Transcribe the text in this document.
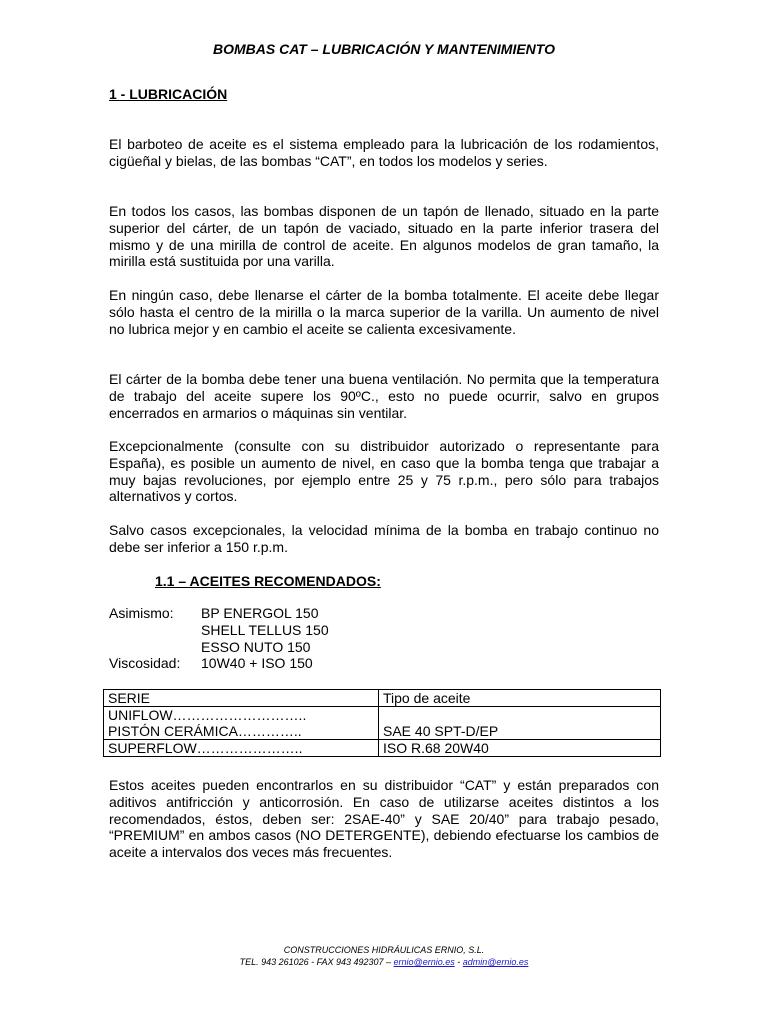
BOMBAS CAT – LUBRICACIÓN Y MANTENIMIENTO
1 - LUBRICACIÓN

El barboteo de aceite es el sistema empleado para la lubricación de los rodamientos, cigüeñal y bielas, de las bombas “CAT”, en todos los modelos y series.

En todos los casos, las bombas disponen de un tapón de llenado, situado en la parte superior del cárter, de un tapón de vaciado, situado en la parte inferior trasera del mismo y de una mirilla de control de aceite. En algunos modelos de gran tamaño, la mirilla está sustituida por una varilla.

En ningún caso, debe llenarse el cárter de la bomba totalmente. El aceite debe llegar sólo hasta el centro de la mirilla o la marca superior de la varilla. Un aumento de nivel no lubrica mejor y en cambio el aceite se calienta excesivamente.

El cárter de la bomba debe tener una buena ventilación. No permita que la temperatura de trabajo del aceite supere los 90ºC., esto no puede ocurrir, salvo en grupos encerrados en armarios o máquinas sin ventilar.

Excepcionalmente (consulte con su distribuidor autorizado o representante para España), es posible un aumento de nivel, en caso que la bomba tenga que trabajar a muy bajas revoluciones, por ejemplo entre 25 y 75 r.p.m., pero sólo para trabajos alternativos y cortos.

Salvo casos excepcionales, la velocidad mínima de la bomba en trabajo continuo no debe ser inferior a 150 r.p.m.

1.1 – ACEITES RECOMENDADOS:
Asimismo:	BP ENERGOL 150
SHELL TELLUS 150
ESSO NUTO 150
Viscosidad:	10W40 + ISO 150
SERIE	Tipo de aceite
UNIFLOW………………………..	
PISTÓN CERÁMICA…………..	SAE 40 SPT-D/EP
SUPERFLOW…………………..	ISO R.68 20W40

Estos aceites pueden encontrarlos en su distribuidor “CAT” y están preparados con aditivos antifricción y anticorrosión. En caso de utilizarse aceites distintos a los recomendados, éstos, deben ser: 2SAE-40” y SAE 20/40” para trabajo pesado, “PREMIUM” en ambos casos (NO DETERGENTE), debiendo efectuarse los cambios de aceite a intervalos dos veces más frecuentes.

CONSTRUCCIONES HIDRÁULICAS ERNIO, S.L.
TEL. 943 261026 - FAX 943 492307 – ernio@ernio.es - admin@ernio.es
